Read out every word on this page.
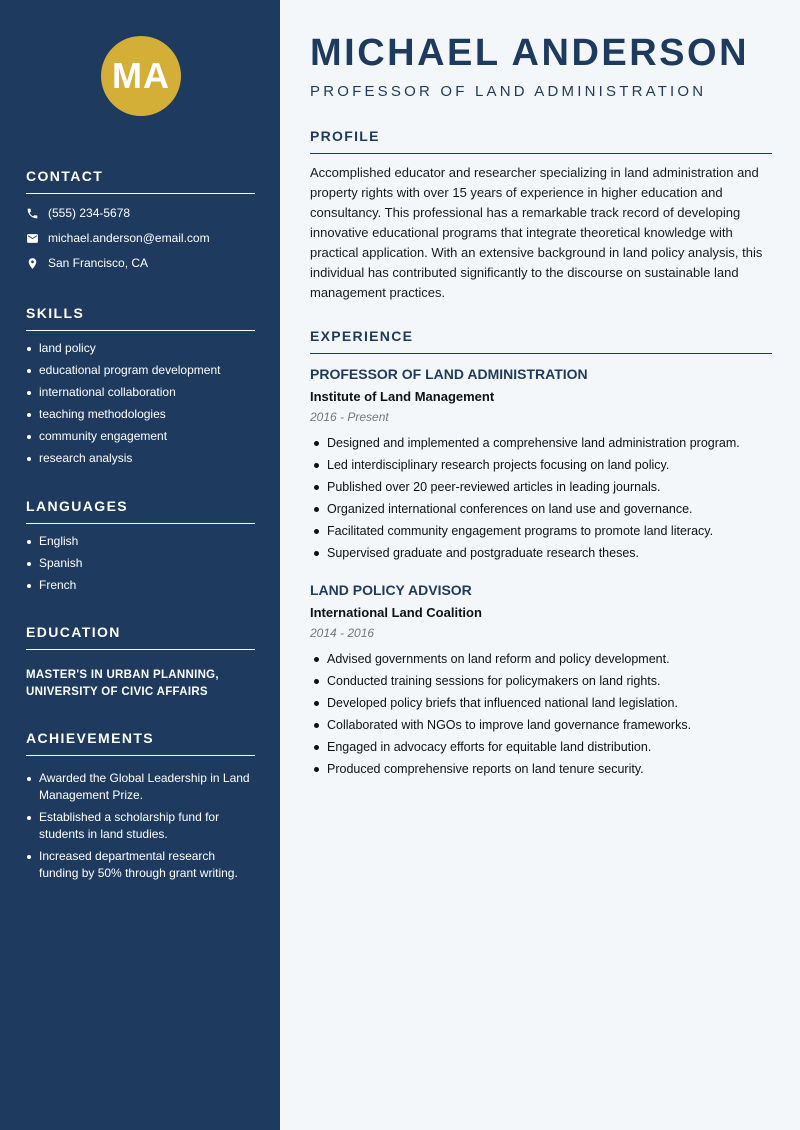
MA
CONTACT
(555) 234-5678
michael.anderson@email.com
San Francisco, CA
SKILLS
land policy
educational program development
international collaboration
teaching methodologies
community engagement
research analysis
LANGUAGES
English
Spanish
French
EDUCATION
MASTER'S IN URBAN PLANNING,
UNIVERSITY OF CIVIC AFFAIRS
ACHIEVEMENTS
Awarded the Global Leadership in Land
Management Prize.
Established a scholarship fund for
students in land studies.
Increased departmental research
funding by 50% through grant writing.
MICHAEL ANDERSON
PROFESSOR OF LAND ADMINISTRATION
PROFILE
Accomplished educator and researcher specializing in land administration and property rights with over 15 years of experience in higher education and consultancy. This professional has a remarkable track record of developing innovative educational programs that integrate theoretical knowledge with practical application. With an extensive background in land policy analysis, this individual has contributed significantly to the discourse on sustainable land management practices.
EXPERIENCE
PROFESSOR OF LAND ADMINISTRATION
Institute of Land Management
2016 - Present
Designed and implemented a comprehensive land administration program.
Led interdisciplinary research projects focusing on land policy.
Published over 20 peer-reviewed articles in leading journals.
Organized international conferences on land use and governance.
Facilitated community engagement programs to promote land literacy.
Supervised graduate and postgraduate research theses.
LAND POLICY ADVISOR
International Land Coalition
2014 - 2016
Advised governments on land reform and policy development.
Conducted training sessions for policymakers on land rights.
Developed policy briefs that influenced national land legislation.
Collaborated with NGOs to improve land governance frameworks.
Engaged in advocacy efforts for equitable land distribution.
Produced comprehensive reports on land tenure security.
